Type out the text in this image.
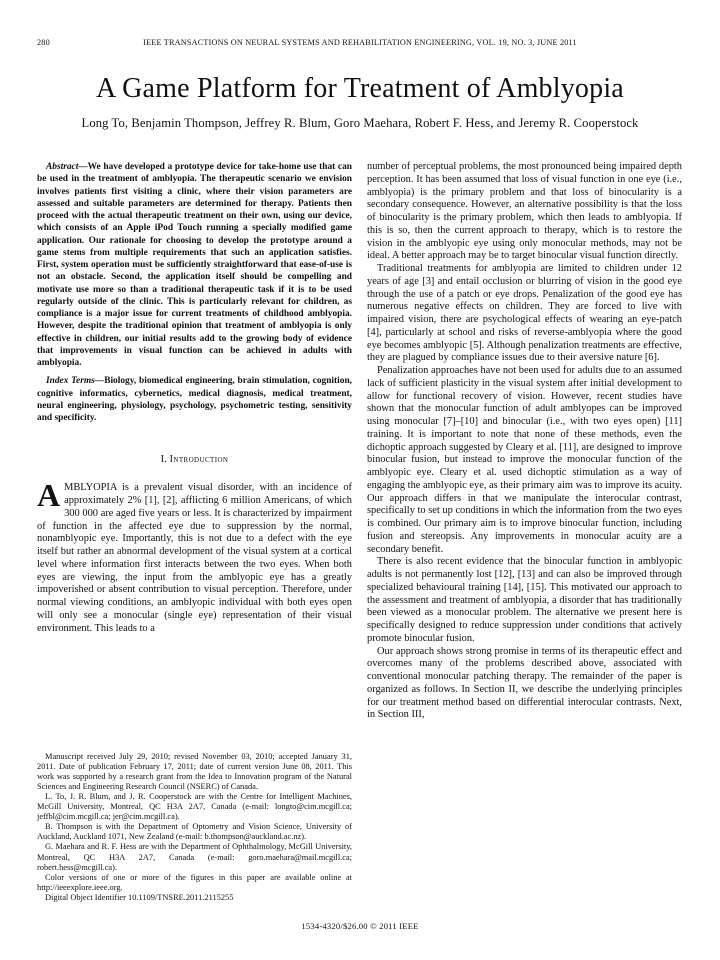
280	IEEE TRANSACTIONS ON NEURAL SYSTEMS AND REHABILITATION ENGINEERING, VOL. 19, NO. 3, JUNE 2011
A Game Platform for Treatment of Amblyopia
Long To, Benjamin Thompson, Jeffrey R. Blum, Goro Maehara, Robert F. Hess, and Jeremy R. Cooperstock

Abstract—We have developed a prototype device for take-home use that can be used in the treatment of amblyopia. The therapeutic scenario we envision involves patients first visiting a clinic, where their vision parameters are assessed and suitable parameters are determined for therapy. Patients then proceed with the actual therapeutic treatment on their own, using our device, which consists of an Apple iPod Touch running a specially modified game application. Our rationale for choosing to develop the prototype around a game stems from multiple requirements that such an application satisfies. First, system operation must be sufficiently straightforward that ease-of-use is not an obstacle. Second, the application itself should be compelling and motivate use more so than a traditional therapeutic task if it is to be used regularly outside of the clinic. This is particularly relevant for children, as compliance is a major issue for current treatments of childhood amblyopia. However, despite the traditional opinion that treatment of amblyopia is only effective in children, our initial results add to the growing body of evidence that improvements in visual function can be achieved in adults with amblyopia.

Index Terms—Biology, biomedical engineering, brain stimulation, cognition, cognitive informatics, cybernetics, medical diagnosis, medical treatment, neural engineering, physiology, psychology, psychometric testing, sensitivity and specificity.

I. Introduction

AMBLYOPIA is a prevalent visual disorder, with an incidence of approximately 2% [1], [2], afflicting 6 million Americans, of which 300 000 are aged five years or less. It is characterized by impairment of function in the affected eye due to suppression by the normal, nonamblyopic eye. Importantly, this is not due to a defect with the eye itself but rather an abnormal development of the visual system at a cortical level where information first interacts between the two eyes. When both eyes are viewing, the input from the amblyopic eye has a greatly impoverished or absent contribution to visual perception. Therefore, under normal viewing conditions, an amblyopic individual with both eyes open will only see a monocular (single eye) representation of their visual environment. This leads to a

Manuscript received July 29, 2010; revised November 03, 2010; accepted January 31, 2011. Date of publication February 17, 2011; date of current version June 08, 2011. This work was supported by a research grant from the Idea to Innovation program of the Natural Sciences and Engineering Research Council (NSERC) of Canada.

L. To, J. R. Blum, and J. R. Cooperstock are with the Centre for Intelligent Machines, McGill University, Montreal, QC H3A 2A7, Canada (e-mail: longto@cim.mcgill.ca; jeffbl@cim.mcgill.ca; jer@cim.mcgill.ca).

B. Thompson is with the Department of Optometry and Vision Science, University of Auckland, Auckland 1071, New Zealand (e-mail: b.thompson@auckland.ac.nz).

G. Maehara and R. F. Hess are with the Department of Ophthalmology, McGill University, Montreal, QC H3A 2A7, Canada (e-mail: goro.maehara@mail.mcgill.ca; robert.hess@mcgill.ca).

Color versions of one or more of the figures in this paper are available online at http://ieeexplore.ieee.org.

Digital Object Identifier 10.1109/TNSRE.2011.2115255

number of perceptual problems, the most pronounced being impaired depth perception. It has been assumed that loss of visual function in one eye (i.e., amblyopia) is the primary problem and that loss of binocularity is a secondary consequence. However, an alternative possibility is that the loss of binocularity is the primary problem, which then leads to amblyopia. If this is so, then the current approach to therapy, which is to restore the vision in the amblyopic eye using only monocular methods, may not be ideal. A better approach may be to target binocular visual function directly.

Traditional treatments for amblyopia are limited to children under 12 years of age [3] and entail occlusion or blurring of vision in the good eye through the use of a patch or eye drops. Penalization of the good eye has numerous negative effects on children. They are forced to live with impaired vision, there are psychological effects of wearing an eye-patch [4], particularly at school and risks of reverse-amblyopia where the good eye becomes amblyopic [5]. Although penalization treatments are effective, they are plagued by compliance issues due to their aversive nature [6].

Penalization approaches have not been used for adults due to an assumed lack of sufficient plasticity in the visual system after initial development to allow for functional recovery of vision. However, recent studies have shown that the monocular function of adult amblyopes can be improved using monocular [7]–[10] and binocular (i.e., with two eyes open) [11] training. It is important to note that none of these methods, even the dichoptic approach suggested by Cleary et al. [11], are designed to improve binocular fusion, but instead to improve the monocular function of the amblyopic eye. Cleary et al. used dichoptic stimulation as a way of engaging the amblyopic eye, as their primary aim was to improve its acuity. Our approach differs in that we manipulate the interocular contrast, specifically to set up conditions in which the information from the two eyes is combined. Our primary aim is to improve binocular function, including fusion and stereopsis. Any improvements in monocular acuity are a secondary benefit.

There is also recent evidence that the binocular function in amblyopic adults is not permanently lost [12], [13] and can also be improved through specialized behavioural training [14], [15]. This motivated our approach to the assessment and treatment of amblyopia, a disorder that has traditionally been viewed as a monocular problem. The alternative we present here is specifically designed to reduce suppression under conditions that actively promote binocular fusion.

Our approach shows strong promise in terms of its therapeutic effect and overcomes many of the problems described above, associated with conventional monocular patching therapy. The remainder of the paper is organized as follows. In Section II, we describe the underlying principles for our treatment method based on differential interocular contrasts. Next, in Section III,

1534-4320/$26.00 © 2011 IEEE
